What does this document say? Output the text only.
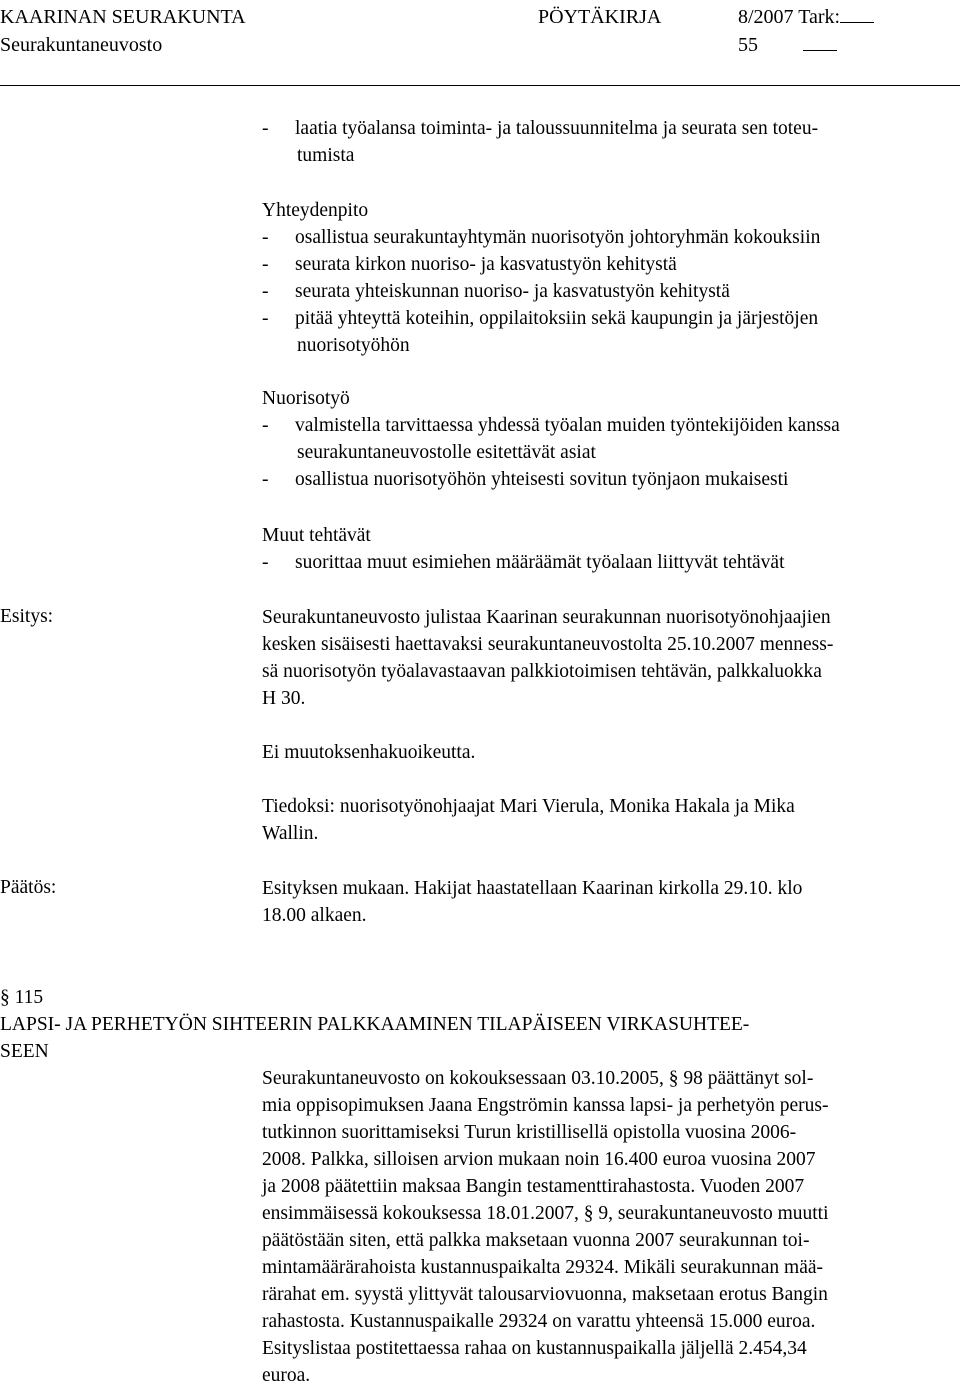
KAARINAN SEURAKUNTA	PÖYTÄKIRJA	8/2007 Tark:
Seurakuntaneuvosto	55
- laatia työalansa toiminta- ja taloussuunnitelma ja seurata sen toteu-
tumista
Yhteydenpito
- osallistua seurakuntayhtymän nuorisotyön johtoryhmän kokouksiin
- seurata kirkon nuoriso- ja kasvatustyön kehitystä
- seurata yhteiskunnan nuoriso- ja kasvatustyön kehitystä
- pitää yhteyttä koteihin, oppilaitoksiin sekä kaupungin ja järjestöjen
nuorisotyöhön
Nuorisotyö
- valmistella tarvittaessa yhdessä työalan muiden työntekijöiden kanssa
seurakuntaneuvostolle esitettävät asiat
- osallistua nuorisotyöhön yhteisesti sovitun työnjaon mukaisesti
Muut tehtävät
- suorittaa muut esimiehen määräämät työalaan liittyvät tehtävät
Esitys:	Seurakuntaneuvosto julistaa Kaarinan seurakunnan nuorisotyönohjaajien
kesken sisäisesti haettavaksi seurakuntaneuvostolta 25.10.2007 menness-
sä nuorisotyön työalavastaavan palkkiotoimisen tehtävän, palkkaluokka
H 30.
Ei muutoksenhakuoikeutta.
Tiedoksi: nuorisotyönohjaajat Mari Vierula, Monika Hakala ja Mika
Wallin.
Päätös:	Esityksen mukaan. Hakijat haastatellaan Kaarinan kirkolla 29.10. klo
18.00 alkaen.
§ 115
LAPSI- JA PERHETYÖN SIHTEERIN PALKKAAMINEN TILAPÄISEEN VIRKASUHTEE-
SEEN
Seurakuntaneuvosto on kokouksessaan 03.10.2005, § 98 päättänyt sol-
mia oppisopimuksen Jaana Engströmin kanssa lapsi- ja perhetyön perus-
tutkinnon suorittamiseksi Turun kristillisellä opistolla vuosina 2006-
2008. Palkka, silloisen arvion mukaan noin 16.400 euroa vuosina 2007
ja 2008 päätettiin maksaa Bangin testamenttirahastosta. Vuoden 2007
ensimmäisessä kokouksessa 18.01.2007, § 9, seurakuntaneuvosto muutti
päätöstään siten, että palkka maksetaan vuonna 2007 seurakunnan toi-
mintamäärärahoista kustannuspaikalta 29324. Mikäli seurakunnan mää-
rärahat em. syystä ylittyvät talousarviovuonna, maksetaan erotus Bangin
rahastosta. Kustannuspaikalle 29324 on varattu yhteensä 15.000 euroa.
Esityslistaa postitettaessa rahaa on kustannuspaikalla jäljellä 2.454,34
euroa.
